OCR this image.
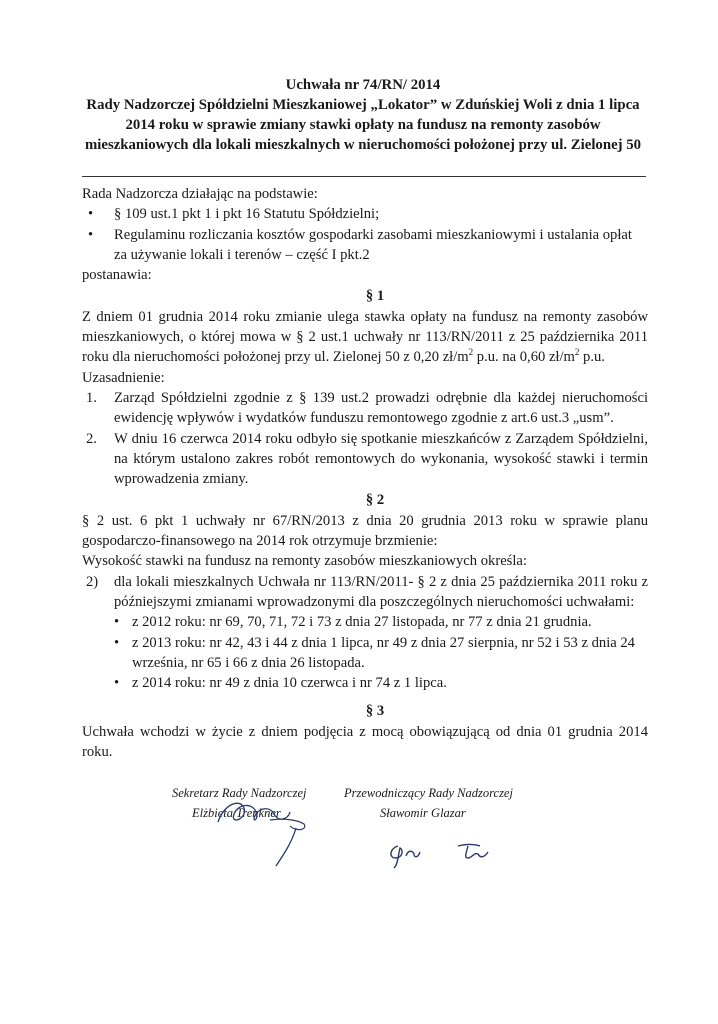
Uchwała nr 74/RN/ 2014
Rady Nadzorczej Spółdzielni Mieszkaniowej „Lokator” w Zduńskiej Woli z dnia 1 lipca
2014 roku w sprawie zmiany stawki opłaty na fundusz na remonty zasobów
mieszkaniowych dla lokali mieszkalnych w nieruchomości położonej przy ul. Zielonej 50

Rada Nadzorcza działając na podstawie:

• § 109 ust.1 pkt 1 i pkt 16 Statutu Spółdzielni;
• Regulaminu rozliczania kosztów gospodarki zasobami mieszkaniowymi i ustalania opłat za używanie lokali i terenów – część I pkt.2

postanawia:

§ 1

Z dniem 01 grudnia 2014 roku zmianie ulega stawka opłaty na fundusz na remonty zasobów mieszkaniowych, o której mowa w § 2 ust.1 uchwały nr 113/RN/2011 z 25 października 2011 roku dla nieruchomości położonej przy ul. Zielonej 50 z 0,20 $zł/m^2$ p.u. na 0,60 $zł/m^2$ p.u.

Uzasadnienie:

1. Zarząd Spółdzielni zgodnie z § 139 ust.2 prowadzi odrębnie dla każdej nieruchomości ewidencję wpływów i wydatków funduszu remontowego zgodnie z art.6 ust.3 „usm”.
2. W dniu 16 czerwca 2014 roku odbyło się spotkanie mieszkańców z Zarządem Spółdzielni, na którym ustalono zakres robót remontowych do wykonania, wysokość stawki i termin wprowadzenia zmiany.

§ 2

§ 2 ust. 6 pkt 1 uchwały nr 67/RN/2013 z dnia 20 grudnia 2013 roku w sprawie planu gospodarczo-finansowego na 2014 rok otrzymuje brzmienie:

Wysokość stawki na fundusz na remonty zasobów mieszkaniowych określa:

2) dla lokali mieszkalnych Uchwała nr 113/RN/2011- § 2 z dnia 25 października 2011 roku z późniejszymi zmianami wprowadzonymi dla poszczególnych nieruchomości uchwałami:
• z 2012 roku: nr 69, 70, 71, 72 i 73 z dnia 27 listopada, nr 77 z dnia 21 grudnia.
• z 2013 roku: nr 42, 43 i 44 z dnia 1 lipca, nr 49 z dnia 27 sierpnia, nr 52 i 53 z dnia 24 września, nr 65 i 66 z dnia 26 listopada.
• z 2014 roku: nr 49 z dnia 10 czerwca i nr 74 z 1 lipca.

§ 3

Uchwała wchodzi w życie z dniem podjęcia z mocą obowiązującą od dnia 01 grudnia 2014 roku.

Sekretarz Rady Nadzorczej
Elżbieta Trenkner
Przewodniczący Rady Nadzorczej
Sławomir Glazar
